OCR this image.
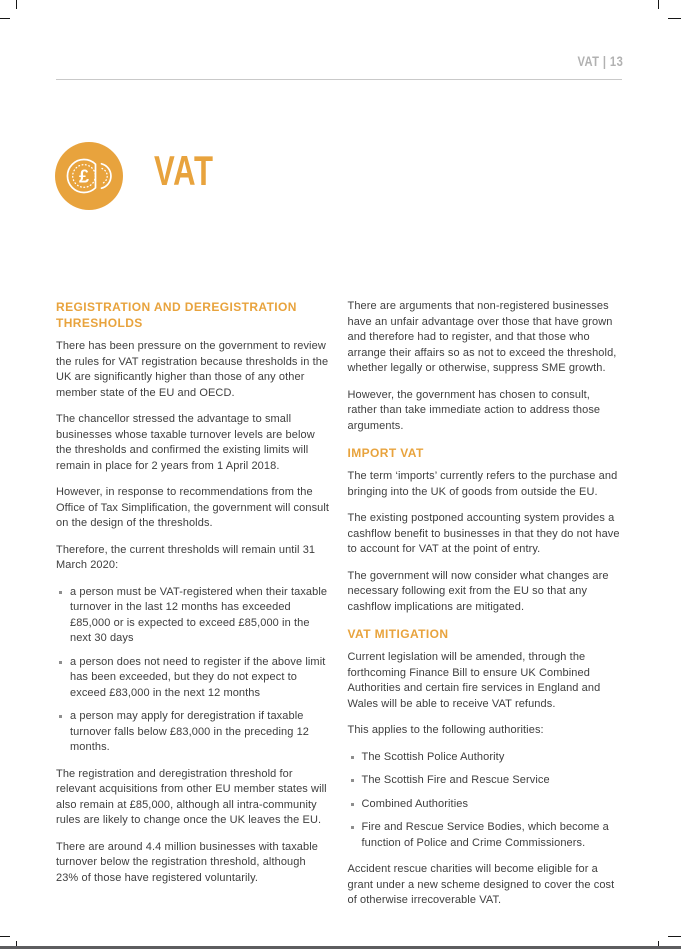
VAT | 13
£ VAT
REGISTRATION AND DEREGISTRATION THRESHOLDS

There has been pressure on the government to review the rules for VAT registration because thresholds in the UK are significantly higher than those of any other member state of the EU and OECD.

The chancellor stressed the advantage to small businesses whose taxable turnover levels are below the thresholds and confirmed the existing limits will remain in place for 2 years from 1 April 2018.

However, in response to recommendations from the Office of Tax Simplification, the government will consult on the design of the thresholds.

Therefore, the current thresholds will remain until 31 March 2020:

a person must be VAT-registered when their taxable turnover in the last 12 months has exceeded £85,000 or is expected to exceed £85,000 in the next 30 days
a person does not need to register if the above limit has been exceeded, but they do not expect to exceed £83,000 in the next 12 months
a person may apply for deregistration if taxable turnover falls below £83,000 in the preceding 12 months.

The registration and deregistration threshold for relevant acquisitions from other EU member states will also remain at £85,000, although all intra-community rules are likely to change once the UK leaves the EU.

There are around 4.4 million businesses with taxable turnover below the registration threshold, although 23% of those have registered voluntarily.

There are arguments that non-registered businesses have an unfair advantage over those that have grown and therefore had to register, and that those who arrange their affairs so as not to exceed the threshold, whether legally or otherwise, suppress SME growth.

However, the government has chosen to consult, rather than take immediate action to address those arguments.

IMPORT VAT

The term ‘imports’ currently refers to the purchase and bringing into the UK of goods from outside the EU.

The existing postponed accounting system provides a cashflow benefit to businesses in that they do not have to account for VAT at the point of entry.

The government will now consider what changes are necessary following exit from the EU so that any cashflow implications are mitigated.

VAT MITIGATION

Current legislation will be amended, through the forthcoming Finance Bill to ensure UK Combined Authorities and certain fire services in England and Wales will be able to receive VAT refunds.

This applies to the following authorities:

The Scottish Police Authority
The Scottish Fire and Rescue Service
Combined Authorities
Fire and Rescue Service Bodies, which become a function of Police and Crime Commissioners.

Accident rescue charities will become eligible for a grant under a new scheme designed to cover the cost of otherwise irrecoverable VAT.
